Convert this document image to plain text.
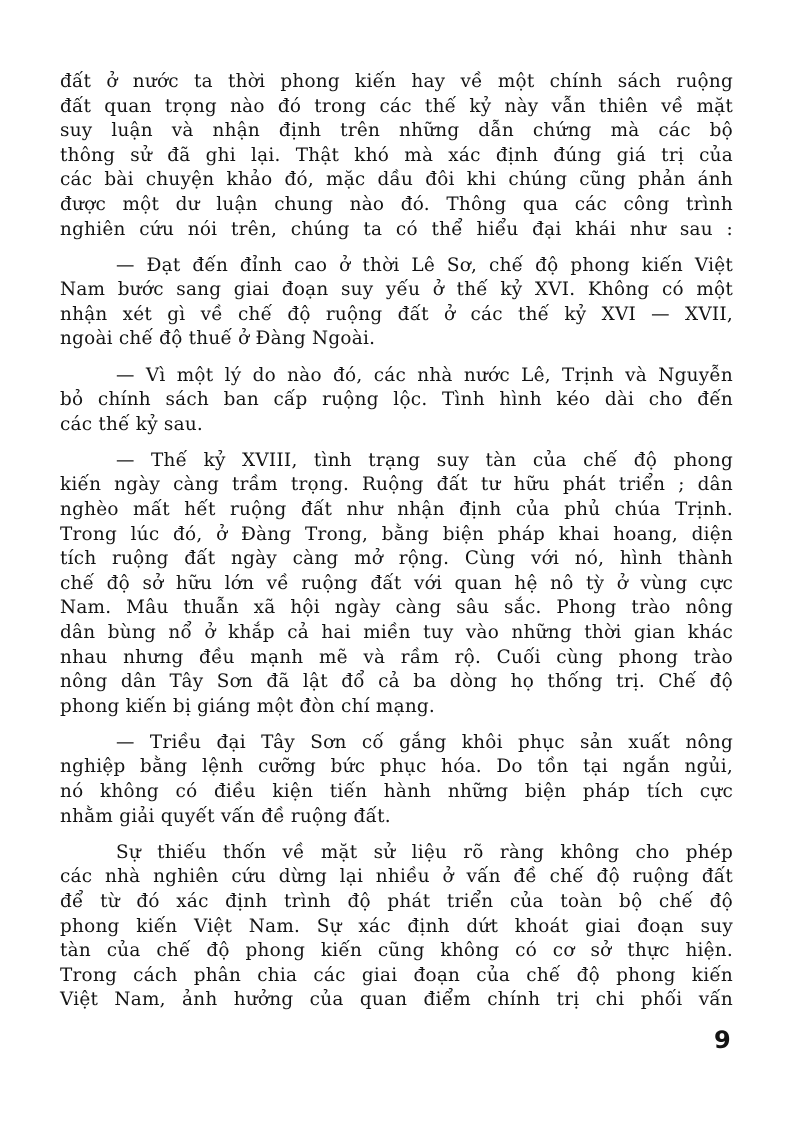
đất ở nước ta thời phong kiến hay về một chính sách ruộng
đất quan trọng nào đó trong các thế kỷ này vẫn thiên về mặt
suy luận và nhận định trên những dẫn chứng mà các bộ
thông sử đã ghi lại. Thật khó mà xác định đúng giá trị của
các bài chuyện khảo đó, mặc dầu đôi khi chúng cũng phản ánh
được một dư luận chung nào đó. Thông qua các công trình
nghiên cứu nói trên, chúng ta có thể hiểu đại khái như sau :
— Đạt đến đỉnh cao ở thời Lê Sơ, chế độ phong kiến Việt
Nam bước sang giai đoạn suy yếu ở thế kỷ XVI. Không có một
nhận xét gì về chế độ ruộng đất ở các thế kỷ XVI — XVII,
ngoài chế độ thuế ở Đàng Ngoài.
— Vì một lý do nào đó, các nhà nước Lê, Trịnh và Nguyễn
bỏ chính sách ban cấp ruộng lộc. Tình hình kéo dài cho đến
các thế kỷ sau.
— Thế kỷ XVIII, tình trạng suy tàn của chế độ phong
kiến ngày càng trầm trọng. Ruộng đất tư hữu phát triển ; dân
nghèo mất hết ruộng đất như nhận định của phủ chúa Trịnh.
Trong lúc đó, ở Đàng Trong, bằng biện pháp khai hoang, diện
tích ruộng đất ngày càng mở rộng. Cùng với nó, hình thành
chế độ sở hữu lớn về ruộng đất với quan hệ nô tỳ ở vùng cực
Nam. Mâu thuẫn xã hội ngày càng sâu sắc. Phong trào nông
dân bùng nổ ở khắp cả hai miền tuy vào những thời gian khác
nhau nhưng đều mạnh mẽ và rầm rộ. Cuối cùng phong trào
nông dân Tây Sơn đã lật đổ cả ba dòng họ thống trị. Chế độ
phong kiến bị giáng một đòn chí mạng.
— Triều đại Tây Sơn cố gắng khôi phục sản xuất nông
nghiệp bằng lệnh cưỡng bức phục hóa. Do tồn tại ngắn ngủi,
nó không có điều kiện tiến hành những biện pháp tích cực
nhằm giải quyết vấn đề ruộng đất.
Sự thiếu thốn về mặt sử liệu rõ ràng không cho phép
các nhà nghiên cứu dừng lại nhiều ở vấn đề chế độ ruộng đất
để từ đó xác định trình độ phát triển của toàn bộ chế độ
phong kiến Việt Nam. Sự xác định dứt khoát giai đoạn suy
tàn của chế độ phong kiến cũng không có cơ sở thực hiện.
Trong cách phân chia các giai đoạn của chế độ phong kiến
Việt Nam, ảnh hưởng của quan điểm chính trị chi phối vấn
9
